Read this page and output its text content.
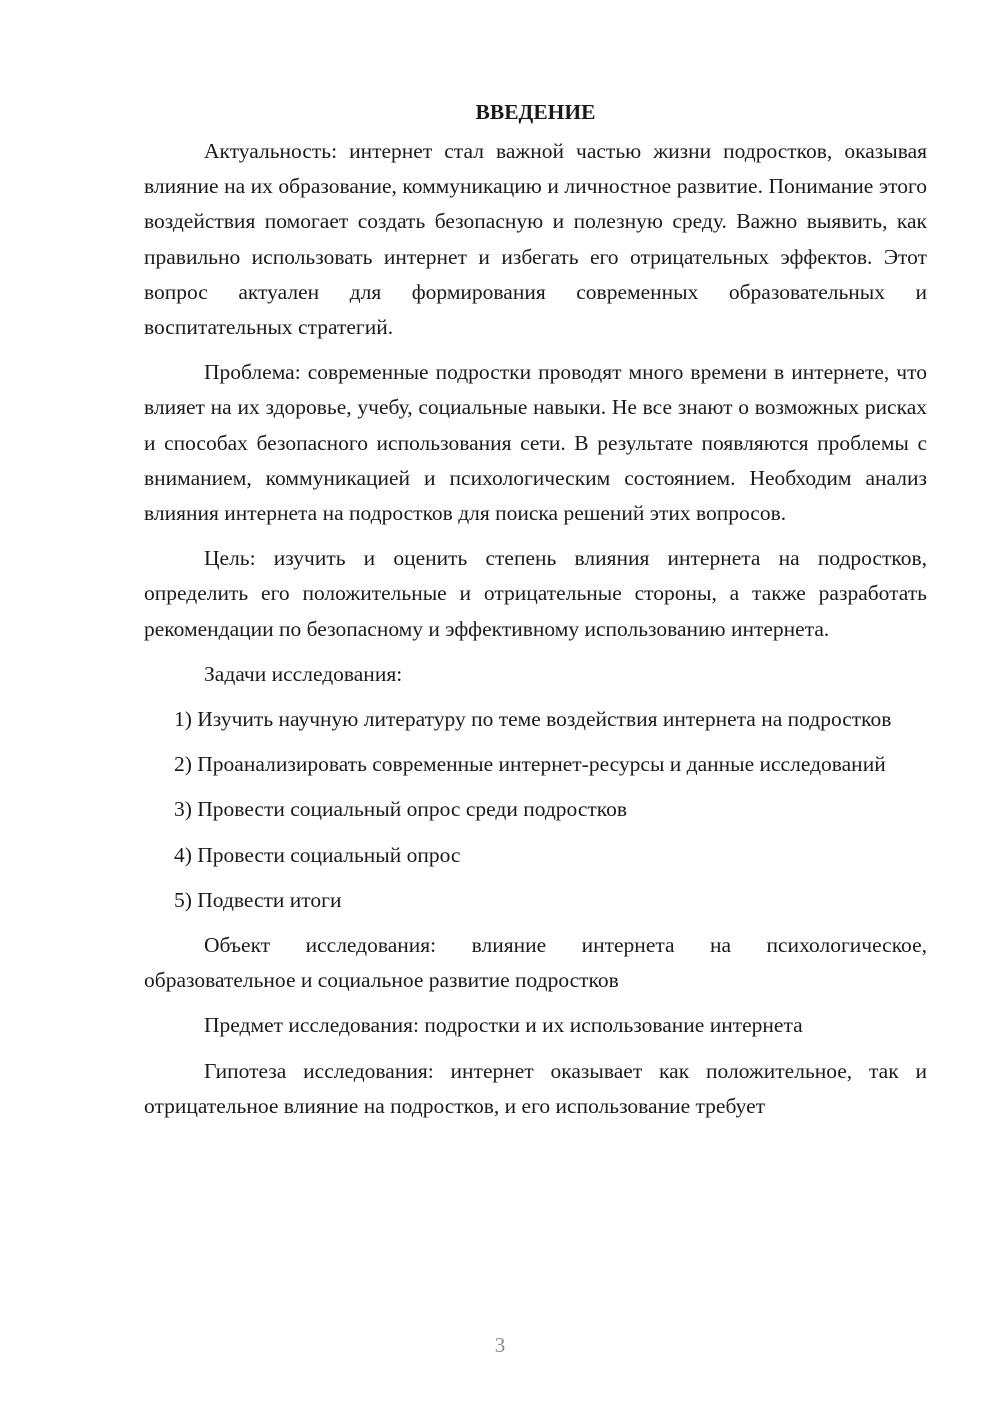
ВВЕДЕНИЕ

Актуальность: интернет стал важной частью жизни подростков, оказывая влияние на их образование, коммуникацию и личностное развитие. Понимание этого воздействия помогает создать безопасную и полезную среду. Важно выявить, как правильно использовать интернет и избегать его отрицательных эффектов. Этот вопрос актуален для формирования современных образовательных и воспитательных стратегий.

Проблема: современные подростки проводят много времени в интернете, что влияет на их здоровье, учебу, социальные навыки. Не все знают о возможных рисках и способах безопасного использования сети. В результате появляются проблемы с вниманием, коммуникацией и психологическим состоянием. Необходим анализ влияния интернета на подростков для поиска решений этих вопросов.

Цель: изучить и оценить степень влияния интернета на подростков, определить его положительные и отрицательные стороны, а также разработать рекомендации по безопасному и эффективному использованию интернета.

Задачи исследования:

1) Изучить научную литературу по теме воздействия интернета на подростков

2) Проанализировать современные интернет-ресурсы и данные исследований

3) Провести социальный опрос среди подростков

4) Провести социальный опрос

5) Подвести итоги

Объект исследования: влияние интернета на психологическое, образовательное и социальное развитие подростков

Предмет исследования: подростки и их использование интернета

Гипотеза исследования: интернет оказывает как положительное, так и отрицательное влияние на подростков, и его использование требует

3
